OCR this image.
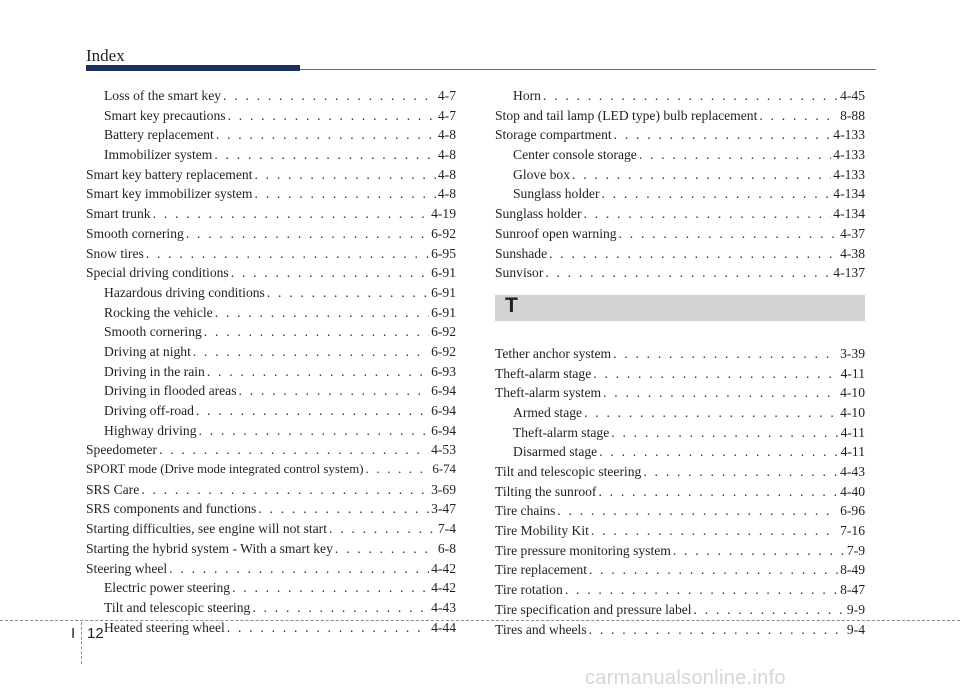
Index
Loss of the smart key . . .	4-7
Smart key precautions . . .	4-7
Battery replacement . . .	4-8
Immobilizer system . . .	4-8
Smart key battery replacement . . .	4-8
Smart key immobilizer system . . .	4-8
Smart trunk . . .	4-19
Smooth cornering . . .	6-92
Snow tires . . .	6-95
Special driving conditions . . .	6-91
Hazardous driving conditions . . .	6-91
Rocking the vehicle . . .	6-91
Smooth cornering . . .	6-92
Driving at night . . .	6-92
Driving in the rain . . .	6-93
Driving in flooded areas . . .	6-94
Driving off-road . . .	6-94
Highway driving . . .	6-94
Speedometer . . .	4-53
SPORT mode (Drive mode integrated control system) . . .	6-74
SRS Care . . .	3-69
SRS components and functions . . .	3-47
Starting difficulties, see engine will not start . . .	7-4
Starting the hybrid system - With a smart key . . .	6-8
Steering wheel . . .	4-42
Electric power steering . . .	4-42
Tilt and telescopic steering . . .	4-43
Heated steering wheel . . .	4-44
Horn . . .	4-45
Stop and tail lamp (LED type) bulb replacement . . .	8-88
Storage compartment . . .	4-133
Center console storage . . .	4-133
Glove box . . .	4-133
Sunglass holder . . .	4-134
Sunglass holder . . .	4-134
Sunroof open warning . . .	4-37
Sunshade . . .	4-38
Sunvisor . . .	4-137
T
Tether anchor system . . .	3-39
Theft-alarm stage . . .	4-11
Theft-alarm system . . .	4-10
Armed stage . . .	4-10
Theft-alarm stage . . .	4-11
Disarmed stage . . .	4-11
Tilt and telescopic steering . . .	4-43
Tilting the sunroof . . .	4-40
Tire chains . . .	6-96
Tire Mobility Kit . . .	7-16
Tire pressure monitoring system . . .	7-9
Tire replacement . . .	8-49
Tire rotation . . .	8-47
Tire specification and pressure label . . .	9-9
Tires and wheels . . .	9-4
I 12
carmanualsonline.info
